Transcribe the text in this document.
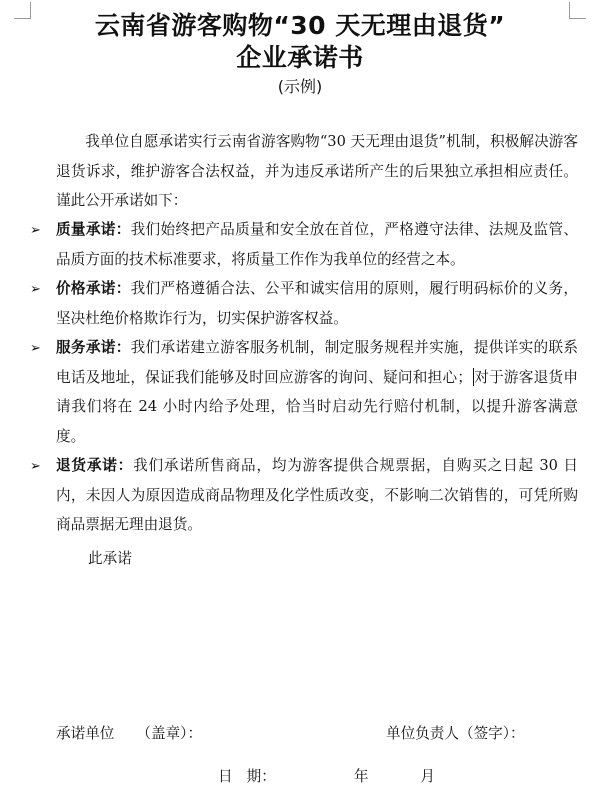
云南省游客购物“30 天无理由退货”
企业承诺书
(示例)

我单位自愿承诺实行云南省游客购物“30 天无理由退货”机制，积极解决游客退货诉求，维护游客合法权益，并为违反承诺所产生的后果独立承担相应责任。谨此公开承诺如下：

➢ 质量承诺：我们始终把产品质量和安全放在首位，严格遵守法律、法规及监管、品质方面的技术标准要求，将质量工作作为我单位的经营之本。
➢ 价格承诺：我们严格遵循合法、公平和诚实信用的原则，履行明码标价的义务，坚决杜绝价格欺诈行为，切实保护游客权益。
➢ 服务承诺：我们承诺建立游客服务机制，制定服务规程并实施，提供详实的联系电话及地址，保证我们能够及时回应游客的询问、疑问和担心； 对于游客退货申请我们将在 24 小时内给予处理，恰当时启动先行赔付机制，以提升游客满意度。
➢ 退货承诺：我们承诺所售商品，均为游客提供合规票据，自购买之日起 30 日内，未因人为原因造成商品物理及化学性质改变，不影响二次销售的，可凭所购商品票据无理由退货。
此承诺
承诺单位 （盖章）：	单位负责人（签字）：
日 期：	年	月
